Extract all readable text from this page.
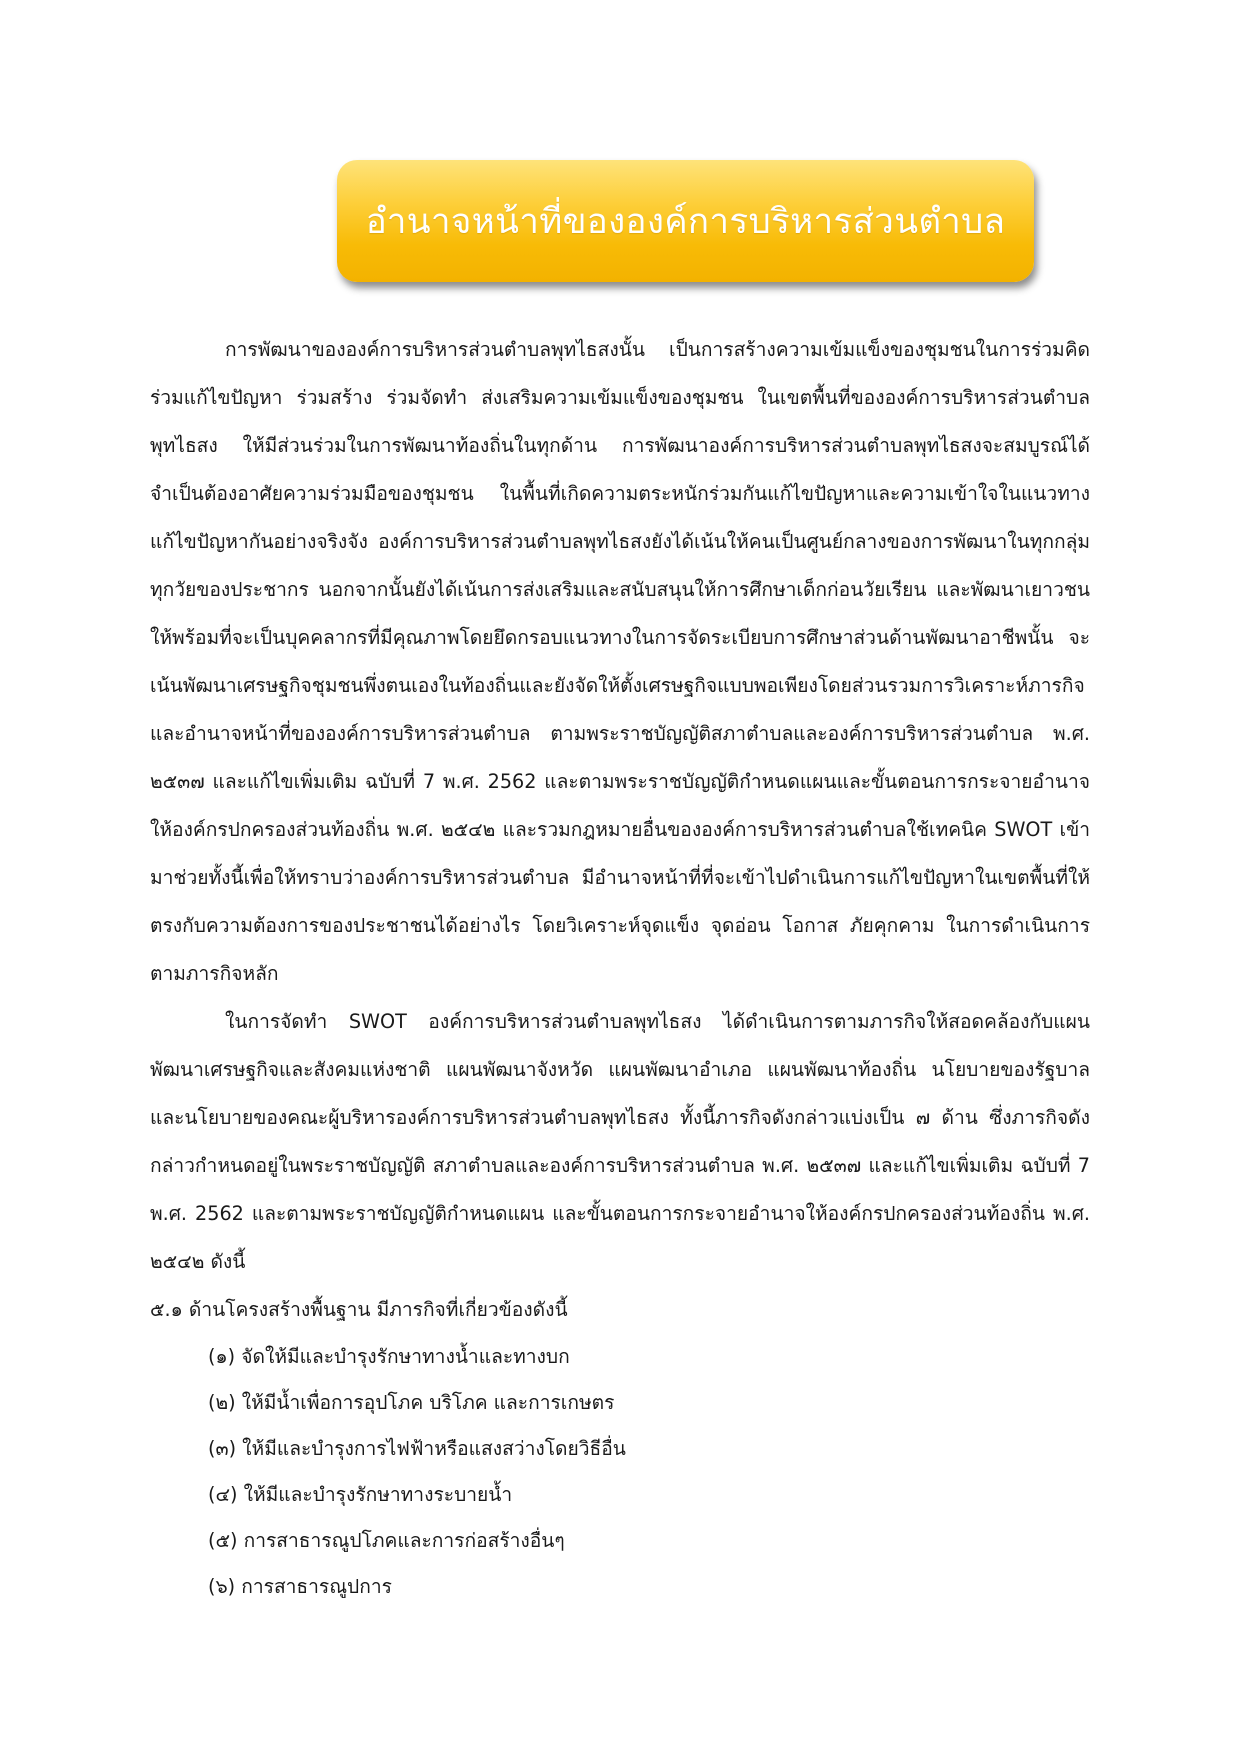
อำนาจหน้าที่ขององค์การบริหารส่วนตำบล

การพัฒนาขององค์การบริหารส่วนตำบลพุทไธสงนั้น เป็นการสร้างความเข้มแข็งของชุมชนในการร่วมคิดร่วมแก้ไขปัญหา ร่วมสร้าง ร่วมจัดทำ ส่งเสริมความเข้มแข็งของชุมชน ในเขตพื้นที่ขององค์การบริหารส่วนตำบลพุทไธสง ให้มีส่วนร่วมในการพัฒนาท้องถิ่นในทุกด้าน การพัฒนาองค์การบริหารส่วนตำบลพุทไธสงจะสมบูรณ์ได้จำเป็นต้องอาศัยความร่วมมือของชุมชน ในพื้นที่เกิดความตระหนักร่วมกันแก้ไขปัญหาและความเข้าใจในแนวทางแก้ไขปัญหากันอย่างจริงจัง องค์การบริหารส่วนตำบลพุทไธสงยังได้เน้นให้คนเป็นศูนย์กลางของการพัฒนาในทุกกลุ่มทุกวัยของประชากร นอกจากนั้นยังได้เน้นการส่งเสริมและสนับสนุนให้การศึกษาเด็กก่อนวัยเรียน และพัฒนาเยาวชนให้พร้อมที่จะเป็นบุคคลากรที่มีคุณภาพโดยยึดกรอบแนวทางในการจัดระเบียบการศึกษาส่วนด้านพัฒนาอาชีพนั้น จะเน้นพัฒนาเศรษฐกิจชุมชนพึ่งตนเองในท้องถิ่นและยังจัดให้ตั้งเศรษฐกิจแบบพอเพียงโดยส่วนรวมการวิเคราะห์ภารกิจและอำนาจหน้าที่ขององค์การบริหารส่วนตำบล ตามพระราชบัญญัติสภาตำบลและองค์การบริหารส่วนตำบล พ.ศ. ๒๕๓๗ และแก้ไขเพิ่มเติม ฉบับที่ 7 พ.ศ. 2562 และตามพระราชบัญญัติกำหนดแผนและขั้นตอนการกระจายอำนาจให้องค์กรปกครองส่วนท้องถิ่น พ.ศ. ๒๕๔๒ และรวมกฎหมายอื่นขององค์การบริหารส่วนตำบลใช้เทคนิค SWOT เข้ามาช่วยทั้งนี้เพื่อให้ทราบว่าองค์การบริหารส่วนตำบล มีอำนาจหน้าที่ที่จะเข้าไปดำเนินการแก้ไขปัญหาในเขตพื้นที่ให้ตรงกับความต้องการของประชาชนได้อย่างไร โดยวิเคราะห์จุดแข็ง จุดอ่อน โอกาส ภัยคุกคาม ในการดำเนินการตามภารกิจหลัก

ในการจัดทำ SWOT องค์การบริหารส่วนตำบลพุทไธสง ได้ดำเนินการตามภารกิจให้สอดคล้องกับแผนพัฒนาเศรษฐกิจและสังคมแห่งชาติ แผนพัฒนาจังหวัด แผนพัฒนาอำเภอ แผนพัฒนาท้องถิ่น นโยบายของรัฐบาล และนโยบายของคณะผู้บริหารองค์การบริหารส่วนตำบลพุทไธสง ทั้งนี้ภารกิจดังกล่าวแบ่งเป็น ๗ ด้าน ซึ่งภารกิจดังกล่าวกำหนดอยู่ในพระราชบัญญัติ สภาตำบลและองค์การบริหารส่วนตำบล พ.ศ. ๒๕๓๗ และแก้ไขเพิ่มเติม ฉบับที่ 7 พ.ศ. 2562 และตามพระราชบัญญัติกำหนดแผน และขั้นตอนการกระจายอำนาจให้องค์กรปกครองส่วนท้องถิ่น พ.ศ. ๒๕๔๒ ดังนี้

๕.๑ ด้านโครงสร้างพื้นฐาน มีภารกิจที่เกี่ยวข้องดังนี้

(๑) จัดให้มีและบำรุงรักษาทางน้ำและทางบก
(๒) ให้มีน้ำเพื่อการอุปโภค บริโภค และการเกษตร
(๓) ให้มีและบำรุงการไฟฟ้าหรือแสงสว่างโดยวิธีอื่น
(๔) ให้มีและบำรุงรักษาทางระบายน้ำ
(๕) การสาธารณูปโภคและการก่อสร้างอื่นๆ
(๖) การสาธารณูปการ
